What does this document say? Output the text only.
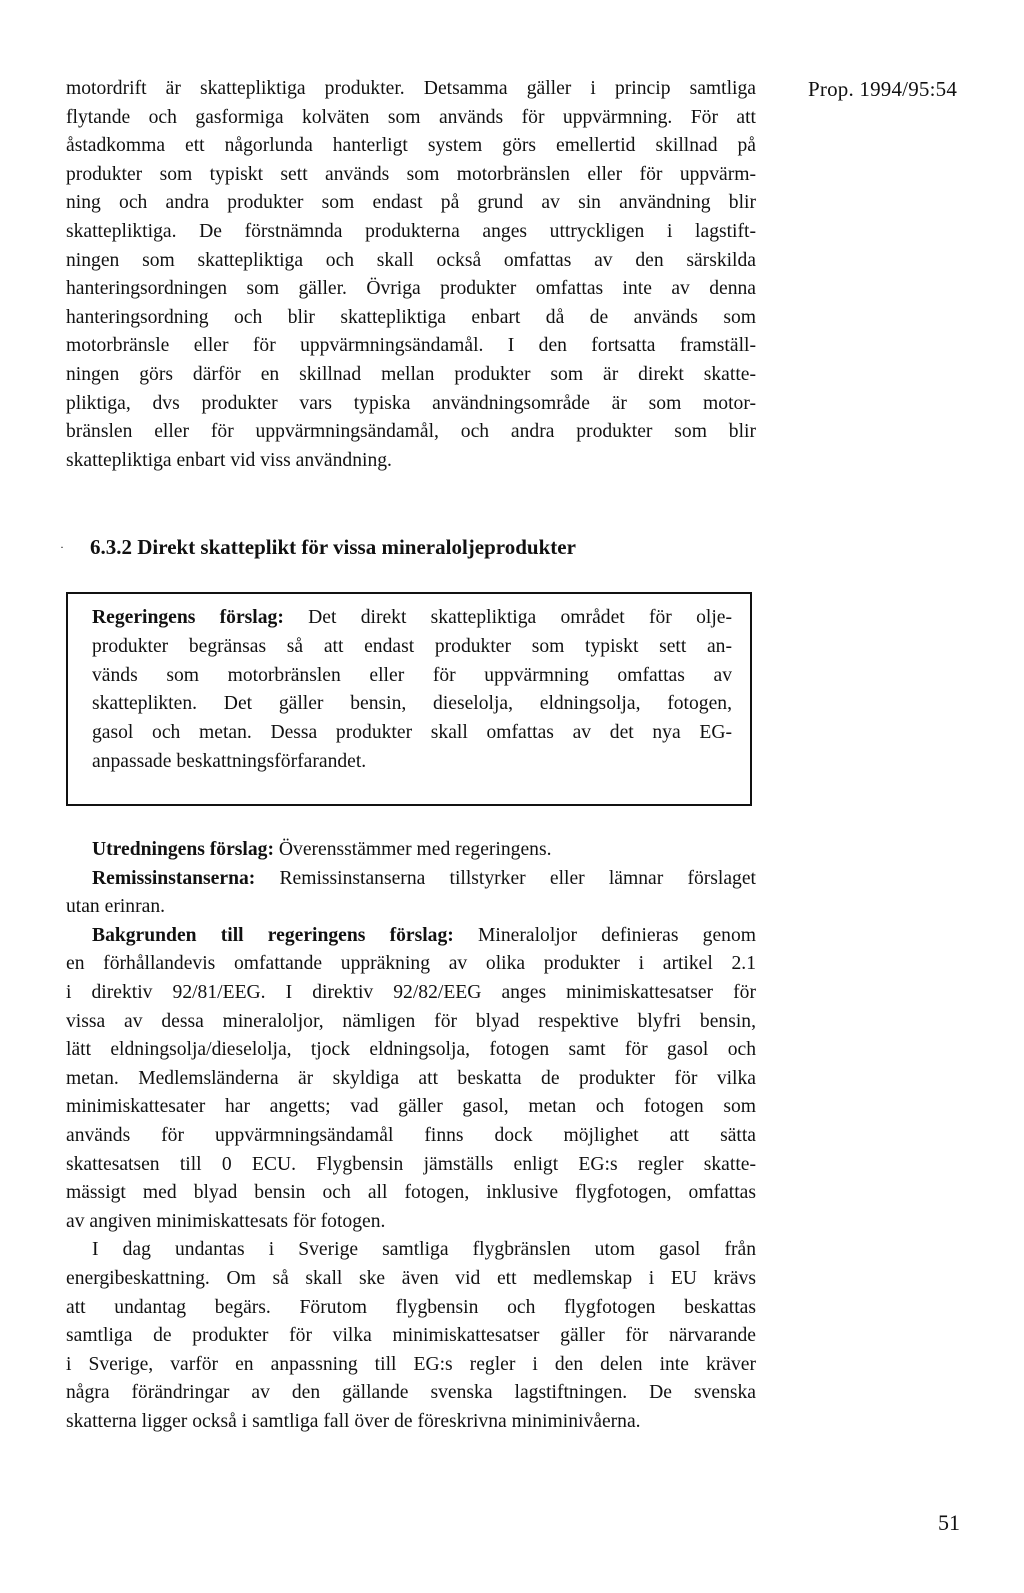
Prop. 1994/95:54
motordrift är skattepliktiga produkter. Detsamma gäller i princip samtliga
flytande och gasformiga kolväten som används för uppvärmning. För att
åstadkomma ett någorlunda hanterligt system görs emellertid skillnad på
produkter som typiskt sett används som motorbränslen eller för uppvärm-
ning och andra produkter som endast på grund av sin användning blir
skattepliktiga. De förstnämnda produkterna anges uttryckligen i lagstift-
ningen som skattepliktiga och skall också omfattas av den särskilda
hanteringsordningen som gäller. Övriga produkter omfattas inte av denna
hanteringsordning och blir skattepliktiga enbart då de används som
motorbränsle eller för uppvärmningsändamål. I den fortsatta framställ-
ningen görs därför en skillnad mellan produkter som är direkt skatte-
pliktiga, dvs produkter vars typiska användningsområde är som motor-
bränslen eller för uppvärmningsändamål, och andra produkter som blir
skattepliktiga enbart vid viss användning.
· 6.3.2 Direkt skatteplikt för vissa mineraloljeprodukter
Regeringens förslag: Det direkt skattepliktiga området för olje-
produkter begränsas så att endast produkter som typiskt sett an-
vänds som motorbränslen eller för uppvärmning omfattas av
skatteplikten. Det gäller bensin, dieselolja, eldningsolja, fotogen,
gasol och metan. Dessa produkter skall omfattas av det nya EG-
anpassade beskattningsförfarandet.
Utredningens förslag: Överensstämmer med regeringens.
Remissinstanserna: Remissinstanserna tillstyrker eller lämnar förslaget
utan erinran.
Bakgrunden till regeringens förslag: Mineraloljor definieras genom
en förhållandevis omfattande uppräkning av olika produkter i artikel 2.1
i direktiv 92/81/EEG. I direktiv 92/82/EEG anges minimiskattesatser för
vissa av dessa mineraloljor, nämligen för blyad respektive blyfri bensin,
lätt eldningsolja/dieselolja, tjock eldningsolja, fotogen samt för gasol och
metan. Medlemsländerna är skyldiga att beskatta de produkter för vilka
minimiskattesater har angetts; vad gäller gasol, metan och fotogen som
används för uppvärmningsändamål finns dock möjlighet att sätta
skattesatsen till 0 ECU. Flygbensin jämställs enligt EG:s regler skatte-
mässigt med blyad bensin och all fotogen, inklusive flygfotogen, omfattas
av angiven minimiskattesats för fotogen.
I dag undantas i Sverige samtliga flygbränslen utom gasol från
energibeskattning. Om så skall ske även vid ett medlemskap i EU krävs
att undantag begärs. Förutom flygbensin och flygfotogen beskattas
samtliga de produkter för vilka minimiskattesatser gäller för närvarande
i Sverige, varför en anpassning till EG:s regler i den delen inte kräver
några förändringar av den gällande svenska lagstiftningen. De svenska
skatterna ligger också i samtliga fall över de föreskrivna miniminivåerna.
51
